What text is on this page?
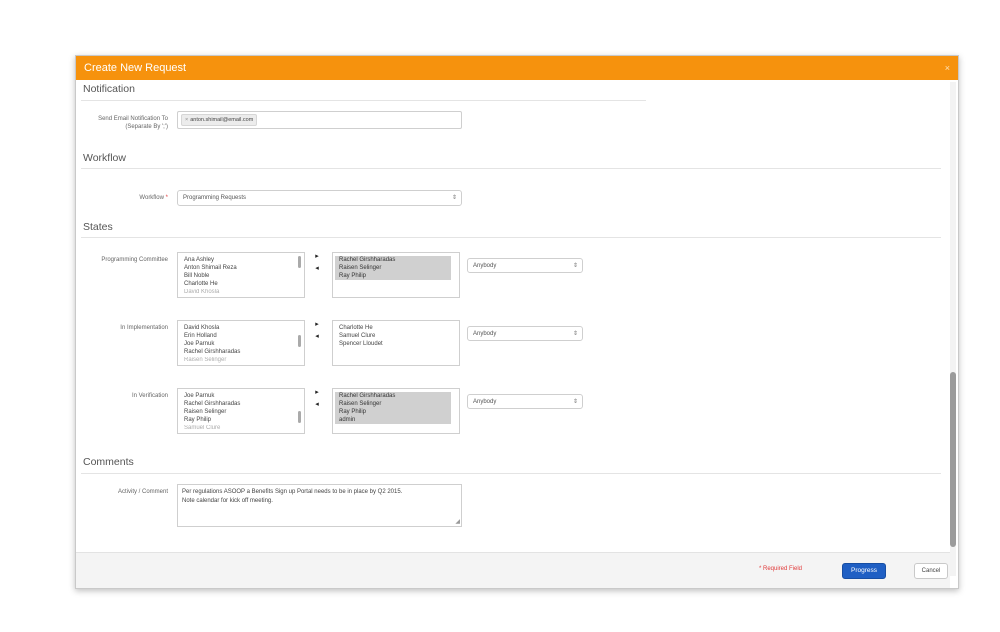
Create New Request	×
Notification
Send Email Notification To (Separate By ';')
× anton.shimail@email.com
Workflow
Workflow *	Programming Requests	⇕
States
Programming Committee	Ana Ashley
Anton Shimail Reza
Bill Noble
Charlotte He
David Khosla
▸
◂
Rachel Girshharadas
Raisen Selinger
Ray Philip
Anybody	⇕
In Implementation	David Khosla
Erin Holland
Joe Parnuk
Rachel Girshharadas
Raisen Selinger
▸
◂
Charlotte He
Samuel Clure
Spencer Lloudet
Anybody	⇕
In Verification	Joe Parnuk
Rachel Girshharadas
Raisen Selinger
Ray Philip
Samuel Clure
▸
◂
Rachel Girshharadas
Raisen Selinger
Ray Philip
admin
Anybody	⇕
Comments
Activity / Comment Per regulations ASOOP a Benefits Sign up Portal needs to be in place by Q2 2015.
Note calendar for kick off meeting.
◢
* Required Field	Progress	Cancel
